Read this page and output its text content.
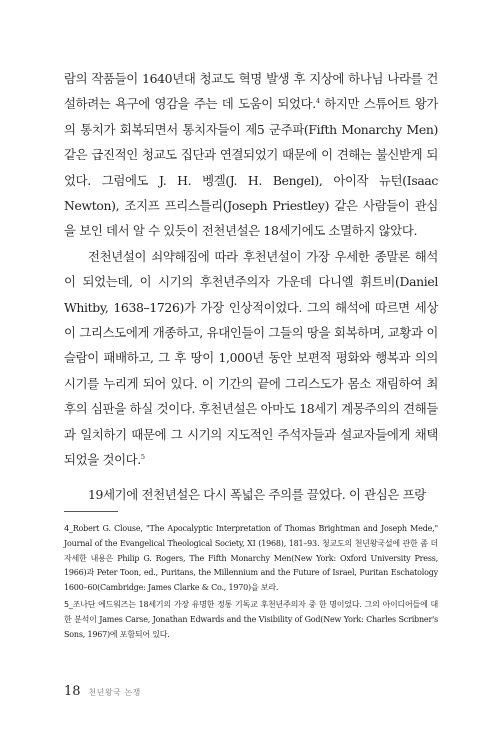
람의 작품들이 1640년대 청교도 혁명 발생 후 지상에 하나님 나라를 건설하려는 욕구에 영감을 주는 데 도움이 되었다.$^4$ 하지만 스튜어트 왕가의 통치가 회복되면서 통치자들이 제5 군주파(Fifth Monarchy Men) 같은 급진적인 청교도 집단과 연결되었기 때문에 이 견해는 불신받게 되었다. 그럼에도 J. H. 벵겔(J. H. Bengel), 아이작 뉴턴(Isaac Newton), 조지프 프리스틀리(Joseph Priestley) 같은 사람들이 관심을 보인 데서 알 수 있듯이 전천년설은 18세기에도 소멸하지 않았다.

전천년설이 쇠약해짐에 따라 후천년설이 가장 우세한 종말론 해석이 되었는데, 이 시기의 후천년주의자 가운데 다니엘 휘트비(Daniel Whitby, 1638–1726)가 가장 인상적이었다. 그의 해석에 따르면 세상이 그리스도에게 개종하고, 유대인들이 그들의 땅을 회복하며, 교황과 이슬람이 패배하고, 그 후 땅이 1,000년 동안 보편적 평화와 행복과 의의 시기를 누리게 되어 있다. 이 기간의 끝에 그리스도가 몸소 재림하여 최후의 심판을 하실 것이다. 후천년설은 아마도 18세기 계몽주의의 견해들과 일치하기 때문에 그 시기의 지도적인 주석자들과 설교자들에게 채택되었을 것이다.$^5$

19세기에 전천년설은 다시 폭넓은 주의를 끌었다. 이 관심은 프랑

4_Robert G. Clouse, "The Apocalyptic Interpretation of Thomas Brightman and Joseph Mede," Journal of the Evangelical Theological Society, XI (1968), 181–93. 청교도의 천년왕국설에 관한 좀 더 자세한 내용은 Philip G. Rogers, The Fifth Monarchy Men(New York: Oxford University Press, 1966)과 Peter Toon, ed., Puritans, the Millennium and the Future of Israel, Puritan Eschatology 1600–60(Cambridge: James Clarke & Co., 1970)을 보라.

5_조나단 에드워즈는 18세기의 가장 유명한 정통 기독교 후천년주의자 중 한 명이었다. 그의 아이디어들에 대한 분석이 James Carse, Jonathan Edwards and the Visibility of God(New York: Charles Scribner's Sons, 1967)에 포함되어 있다.

18 천년왕국 논쟁
